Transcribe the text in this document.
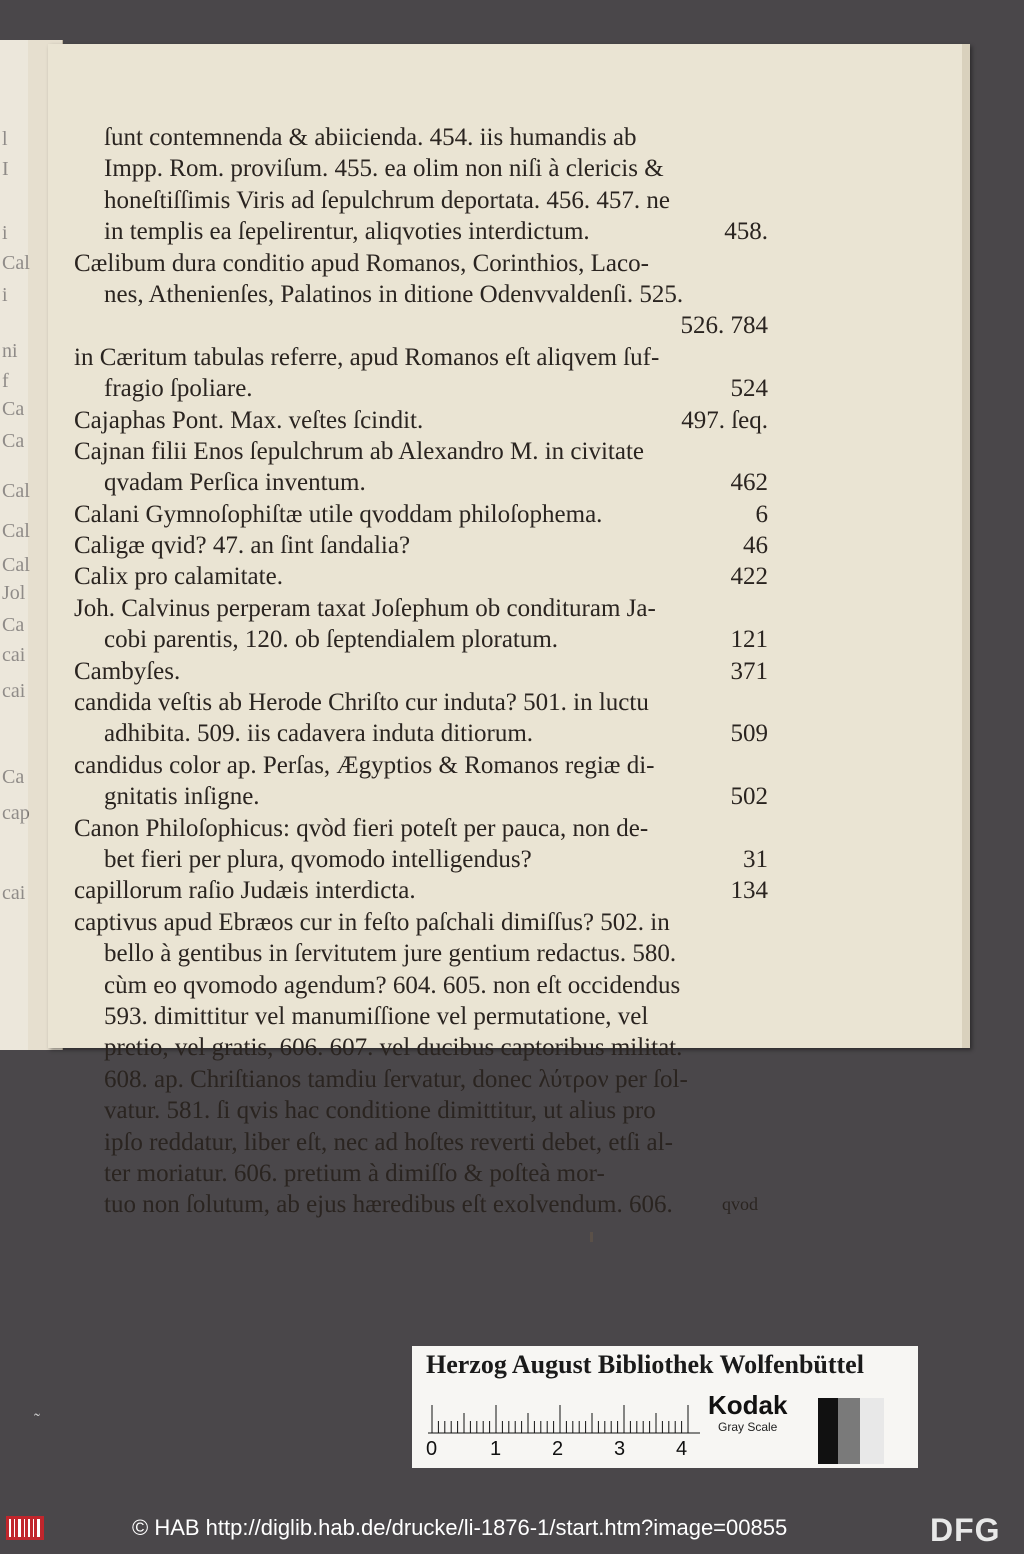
l
I
i
Cal
i
ni
f
Ca
Ca
Cal
Cal
Cal
Jol
Ca
cai
cai
Ca
cap
cai
ſunt contemnenda & abiicienda. 454. iis humandis ab
Impp. Rom. proviſum. 455. ea olim non niſi à clericis &
honeſtiſſimis Viris ad ſepulchrum deportata. 456. 457. ne
in templis ea ſepelirentur, aliqvoties interdictum.	458.
Cælibum dura conditio apud Romanos, Corinthios, Laco-
nes, Athenienſes, Palatinos in ditione Odenvvaldenſi. 525.
526. 784
in Cæritum tabulas referre, apud Romanos eſt aliqvem ſuf-
fragio ſpoliare.	524
Cajaphas Pont. Max. veſtes ſcindit.	497. ſeq.
Cajnan filii Enos ſepulchrum ab Alexandro M. in civitate
qvadam Perſica inventum.	462
Calani Gymnoſophiſtæ utile qvoddam philoſophema.	6
Caligæ qvid? 47. an ſint ſandalia?	46
Calix pro calamitate.	422
Joh. Calvinus perperam taxat Joſephum ob condituram Ja-
cobi parentis, 120. ob ſeptendialem ploratum.	121
Cambyſes.	371
candida veſtis ab Herode Chriſto cur induta? 501. in luctu
adhibita. 509. iis cadavera induta ditiorum.	509
candidus color ap. Perſas, Ægyptios & Romanos regiæ di-
gnitatis inſigne.	502
Canon Philoſophicus: qvòd fieri poteſt per pauca, non de-
bet fieri per plura, qvomodo intelligendus?	31
capillorum raſio Judæis interdicta.	134
captivus apud Ebræos cur in feſto paſchali dimiſſus? 502. in
bello à gentibus in ſervitutem jure gentium redactus. 580.
cùm eo qvomodo agendum? 604. 605. non eſt occidendus
593. dimittitur vel manumiſſione vel permutatione, vel
pretio, vel gratis, 606. 607. vel ducibus captoribus militat.
608. ap. Chriſtianos tamdiu ſervatur, donec λύτρον per ſol-
vatur. 581. ſi qvis hac conditione dimittitur, ut alius pro
ipſo reddatur, liber eſt, nec ad hoſtes reverti debet, etſi al-
ter moriatur. 606. pretium à dimiſſo & poſteà mor-
tuo non ſolutum, ab ejus hæredibus eſt exolvendum. 606.	qvod
Herzog August Bibliothek Wolfenbüttel
0	1	2	3	4
Kodak
Gray Scale
˜
© HAB http://diglib.hab.de/drucke/li-1876-1/start.htm?image=00855	DFG
